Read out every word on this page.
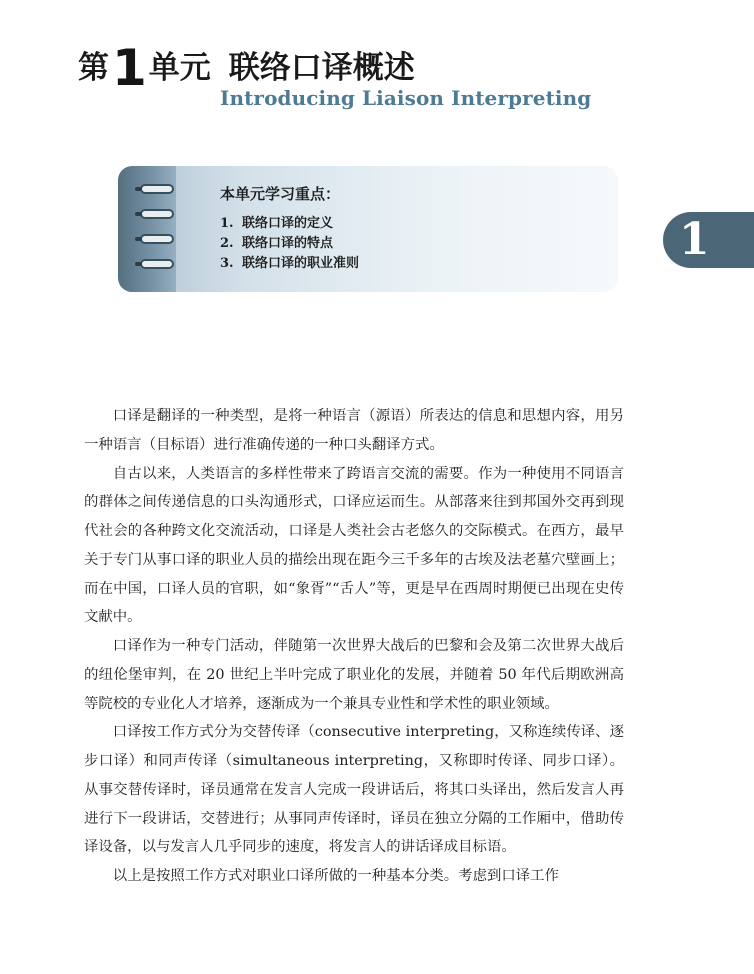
第 1 单元 联络口译概述
Introducing Liaison Interpreting
1
本单元学习重点：
1. 联络口译的定义
2. 联络口译的特点
3. 联络口译的职业准则

口译是翻译的一种类型，是将一种语言（源语）所表达的信息和思想内容，用另一种语言（目标语）进行准确传递的一种口头翻译方式。

自古以来，人类语言的多样性带来了跨语言交流的需要。作为一种使用不同语言的群体之间传递信息的口头沟通形式，口译应运而生。从部落来往到邦国外交再到现代社会的各种跨文化交流活动，口译是人类社会古老悠久的交际模式。在西方，最早关于专门从事口译的职业人员的描绘出现在距今三千多年的古埃及法老墓穴壁画上；而在中国，口译人员的官职，如“象胥”“舌人”等，更是早在西周时期便已出现在史传文献中。

口译作为一种专门活动，伴随第一次世界大战后的巴黎和会及第二次世界大战后的纽伦堡审判，在 20 世纪上半叶完成了职业化的发展，并随着 50 年代后期欧洲高等院校的专业化人才培养，逐渐成为一个兼具专业性和学术性的职业领域。

口译按工作方式分为交替传译（consecutive interpreting，又称连续传译、逐步口译）和同声传译（simultaneous interpreting，又称即时传译、同步口译）。从事交替传译时，译员通常在发言人完成一段讲话后，将其口头译出，然后发言人再进行下一段讲话，交替进行；从事同声传译时，译员在独立分隔的工作厢中，借助传译设备，以与发言人几乎同步的速度，将发言人的讲话译成目标语。

以上是按照工作方式对职业口译所做的一种基本分类。考虑到口译工作
